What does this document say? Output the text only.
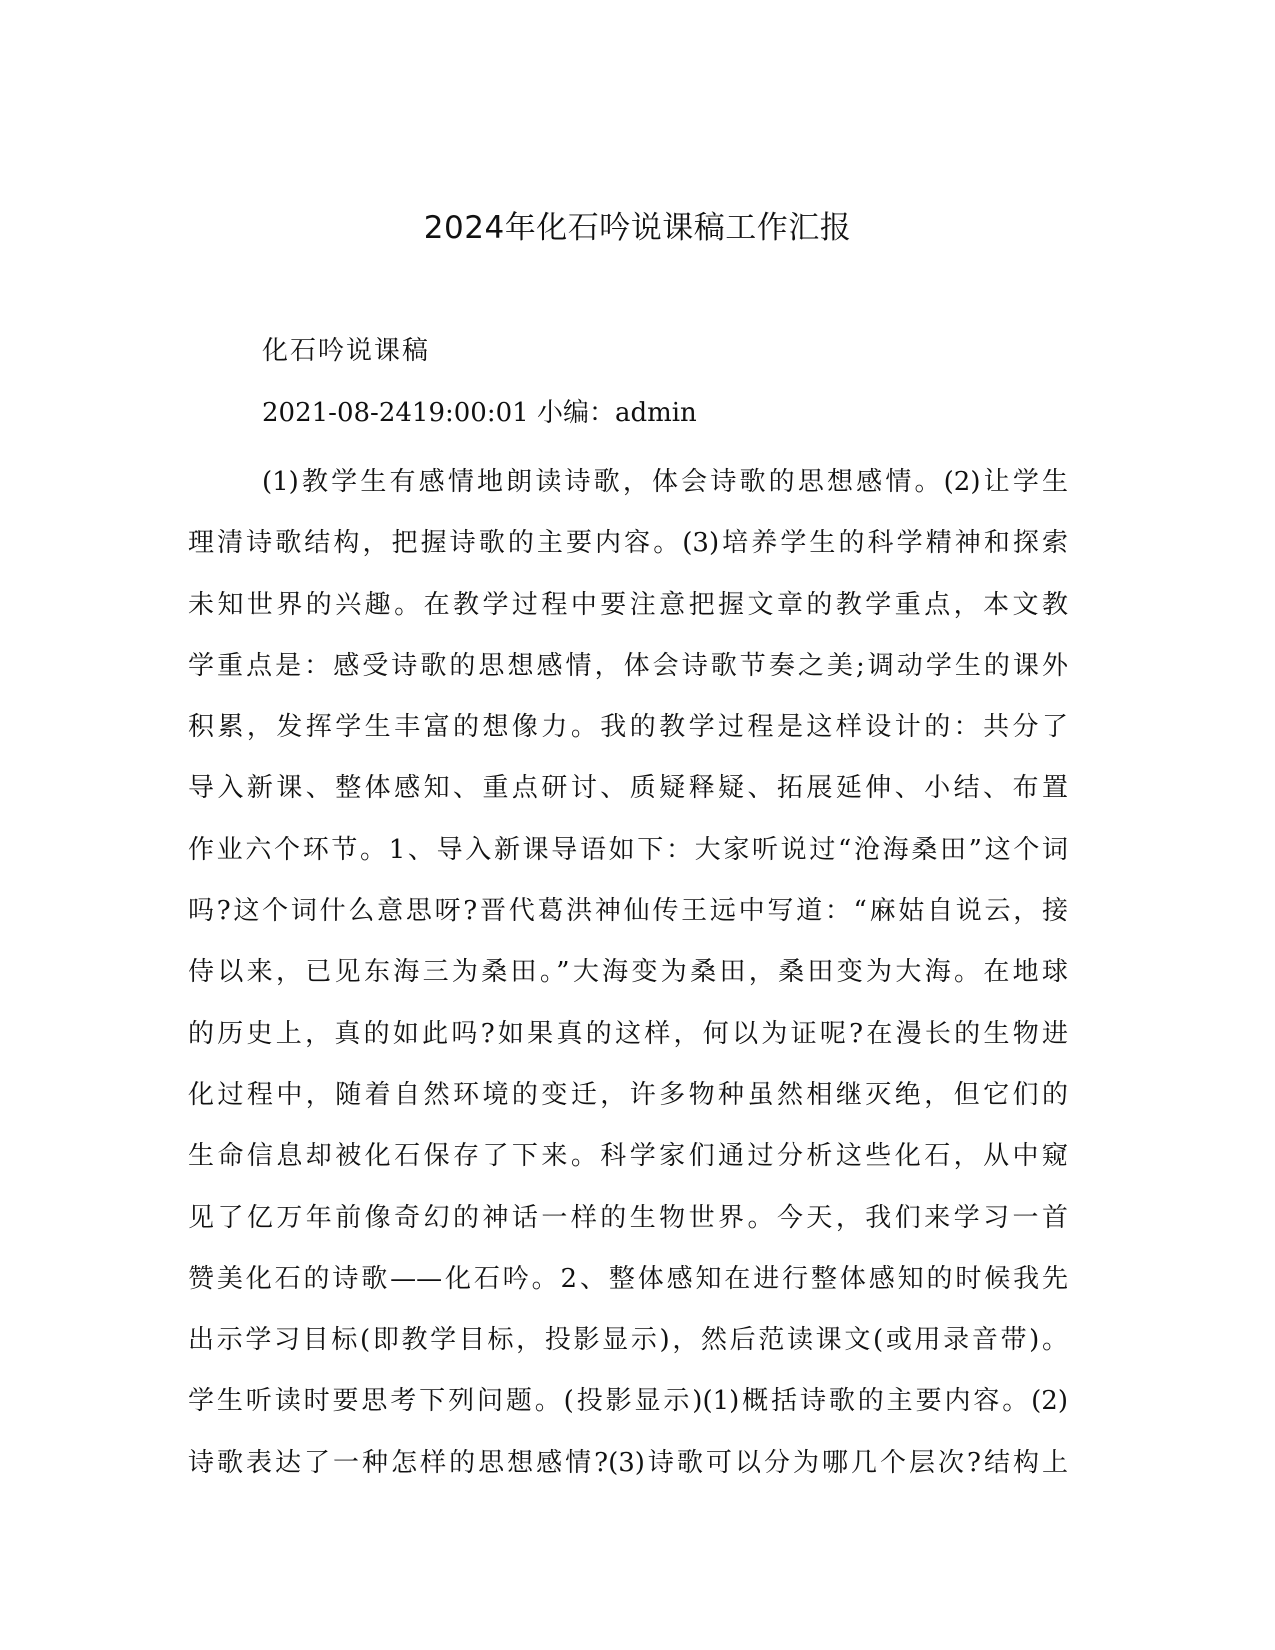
2024年化石吟说课稿工作汇报

化石吟说课稿

2021-08-2419:00:01 小编：admin

(1)教学生有感情地朗读诗歌，体会诗歌的思想感情。(2)让学生
理清诗歌结构，把握诗歌的主要内容。(3)培养学生的科学精神和探索
未知世界的兴趣。在教学过程中要注意把握文章的教学重点，本文教
学重点是：感受诗歌的思想感情，体会诗歌节奏之美;调动学生的课外
积累，发挥学生丰富的想像力。我的教学过程是这样设计的：共分了
导入新课、整体感知、重点研讨、质疑释疑、拓展延伸、小结、布置
作业六个环节。1、导入新课导语如下：大家听说过“沧海桑田”这个词
吗?这个词什么意思呀?晋代葛洪神仙传王远中写道：“麻姑自说云，接
侍以来，已见东海三为桑田。”大海变为桑田，桑田变为大海。在地球
的历史上，真的如此吗?如果真的这样，何以为证呢?在漫长的生物进
化过程中，随着自然环境的变迁，许多物种虽然相继灭绝，但它们的
生命信息却被化石保存了下来。科学家们通过分析这些化石，从中窥
见了亿万年前像奇幻的神话一样的生物世界。今天，我们来学习一首
赞美化石的诗歌——化石吟。2、整体感知在进行整体感知的时候我先
出示学习目标(即教学目标，投影显示)，然后范读课文(或用录音带)。
学生听读时要思考下列问题。(投影显示)(1)概括诗歌的主要内容。(2)
诗歌表达了一种怎样的思想感情?(3)诗歌可以分为哪几个层次?结构上
